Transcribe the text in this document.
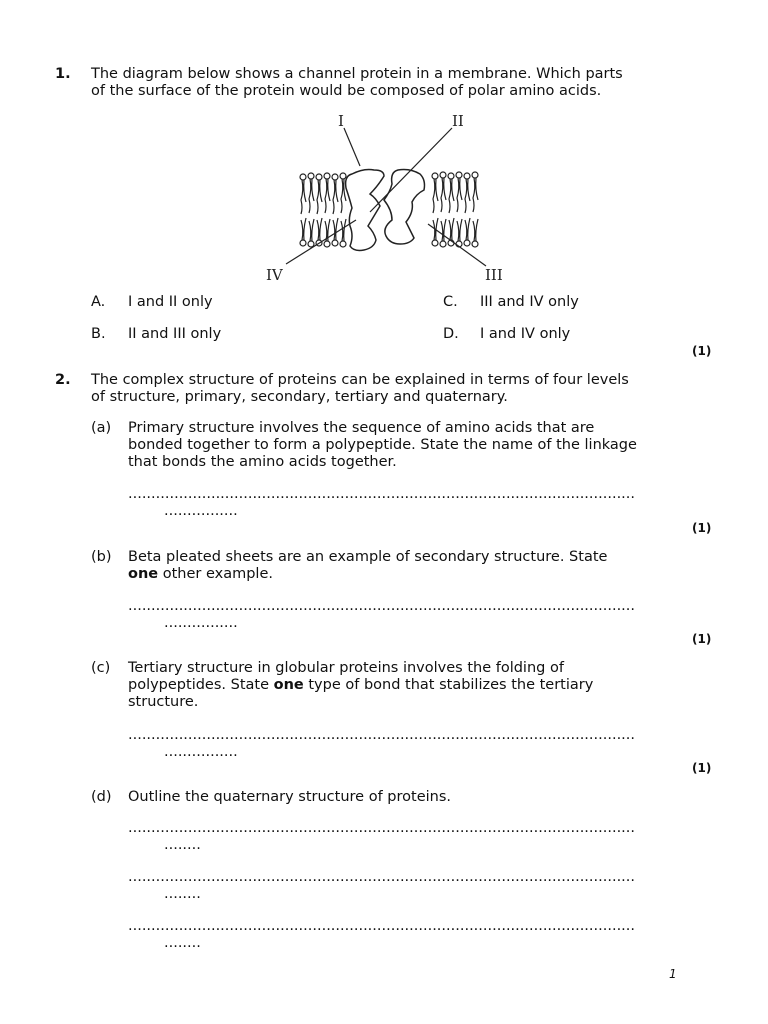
1. The diagram below shows a channel protein in a membrane. Which parts
of the surface of the protein would be composed of polar amino acids.
I	II
IV	III
A. I and II only
B. II and III only
C. III and IV only
D. I and IV only
(1)
2. The complex structure of proteins can be explained in terms of four levels
of structure, primary, secondary, tertiary and quaternary.
(a) Primary structure involves the sequence of amino acids that are
bonded together to form a polypeptide. State the name of the linkage
that bonds the amino acids together.
..............................................................................................................
................
(1)
(b) Beta pleated sheets are an example of secondary structure. State
one other example.
..............................................................................................................
................
(1)
(c) Tertiary structure in globular proteins involves the folding of
polypeptides. State one type of bond that stabilizes the tertiary
structure.
..............................................................................................................
................
(1)
(d) Outline the quaternary structure of proteins.
..............................................................................................................
........
..............................................................................................................
........
..............................................................................................................
........
1
